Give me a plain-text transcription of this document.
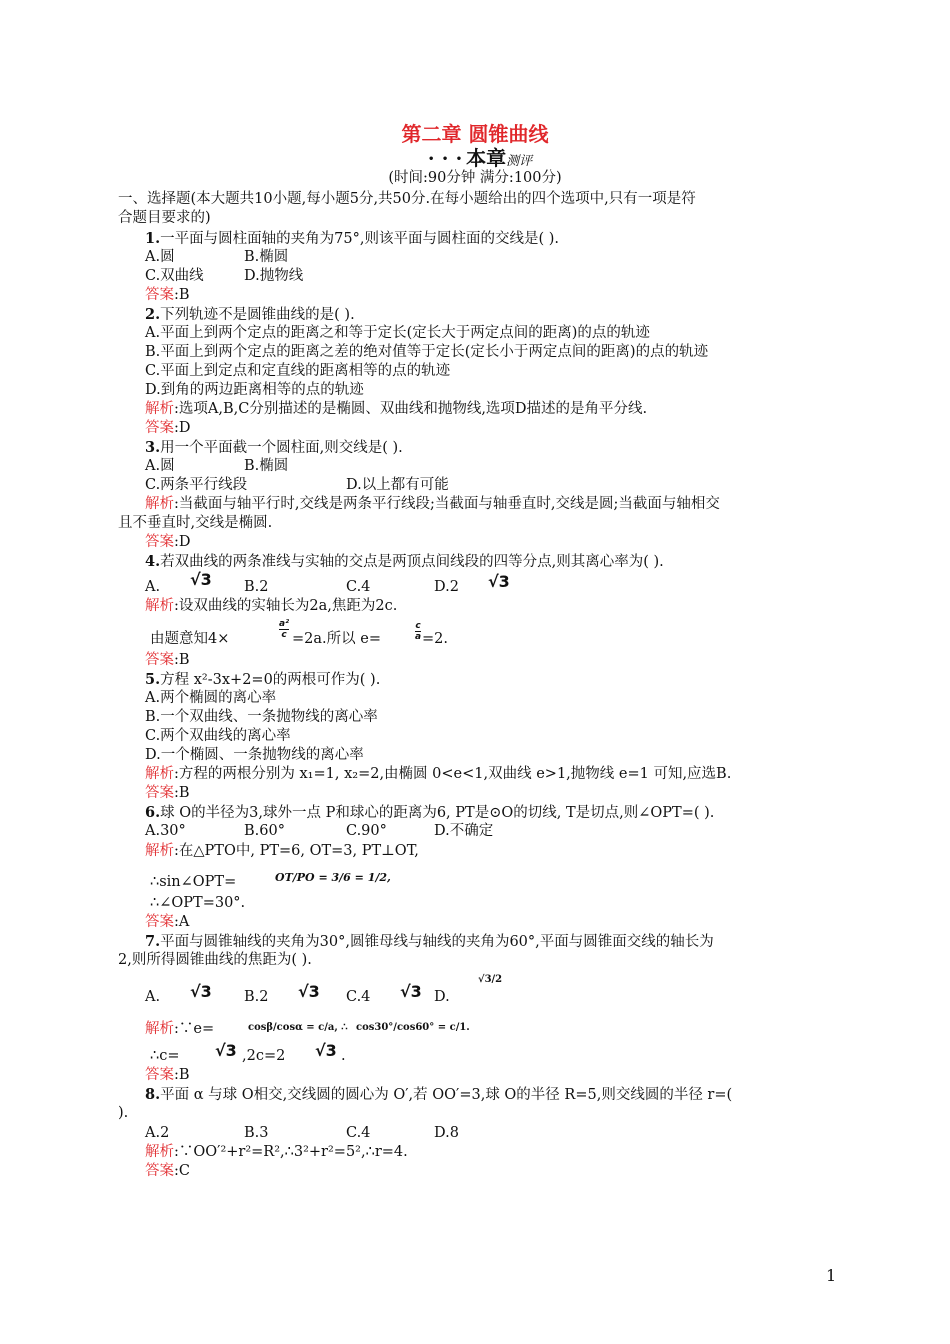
第二章 圆锥曲线
• • • 本章测评
(时间:90分钟 满分:100分)
一、选择题(本大题共10小题,每小题5分,共50分.在每小题给出的四个选项中,只有一项是符
合题目要求的)
1.一平面与圆柱面轴的夹角为75°,则该平面与圆柱面的交线是( ).
A.圆	B.椭圆
C.双曲线	D.抛物线
答案:B
2.下列轨迹不是圆锥曲线的是( ).
A.平面上到两个定点的距离之和等于定长(定长大于两定点间的距离)的点的轨迹
B.平面上到两个定点的距离之差的绝对值等于定长(定长小于两定点间的距离)的点的轨迹
C.平面上到定点和定直线的距离相等的点的轨迹
D.到角的两边距离相等的点的轨迹
解析:选项A,B,C分别描述的是椭圆、双曲线和抛物线,选项D描述的是角平分线.
答案:D
3.用一个平面截一个圆柱面,则交线是( ).
A.圆	B.椭圆
C.两条平行线段	D.以上都有可能
解析:当截面与轴平行时,交线是两条平行线段;当截面与轴垂直时,交线是圆;当截面与轴相交
且不垂直时,交线是椭圆.
答案:D
4.若双曲线的两条准线与实轴的交点是两顶点间线段的四等分点,则其离心率为( ).
A. √3 B.2	C.4	D.2 √3
解析:设双曲线的实轴长为2a,焦距为2c.
由题意知4×
a²
c =2a.所以 e=
c
a =2.
答案:B
5.方程 x²-3x+2=0的两根可作为( ).
A.两个椭圆的离心率
B.一个双曲线、一条抛物线的离心率
C.两个双曲线的离心率
D.一个椭圆、一条抛物线的离心率
解析:方程的两根分别为 x₁=1, x₂=2,由椭圆 0<e<1,双曲线 e>1,抛物线 e=1 可知,应选B.
答案:B
6.球 O的半径为3,球外一点 P和球心的距离为6, PT是⊙O的切线, T是切点,则∠OPT=( ).
A.30°	B.60°	C.90°	D.不确定
解析:在△PTO中, PT=6, OT=3, PT⊥OT,
∴sin∠OPT=	OT/PO = 3/6 = 1/2,
∴∠OPT=30°.
答案:A
7.平面与圆锥轴线的夹角为30°,圆锥母线与轴线的夹角为60°,平面与圆锥面交线的轴长为
2,则所得圆锥曲线的焦距为( ).
A. √3 B.2 √3 C.4 √3 D.
√3/2
解析:∵e=	cosβ/cosα = c/a, ∴ cos30°/cos60° = c/1.
∴c= √3 ,2c=2 √3 .
答案:B
8.平面 α 与球 O相交,交线圆的圆心为 O′,若 OO′=3,球 O的半径 R=5,则交线圆的半径 r=(
).
A.2	B.3	C.4	D.8
解析:∵OO′²+r²=R²,∴3²+r²=5²,∴r=4.
答案:C
1
